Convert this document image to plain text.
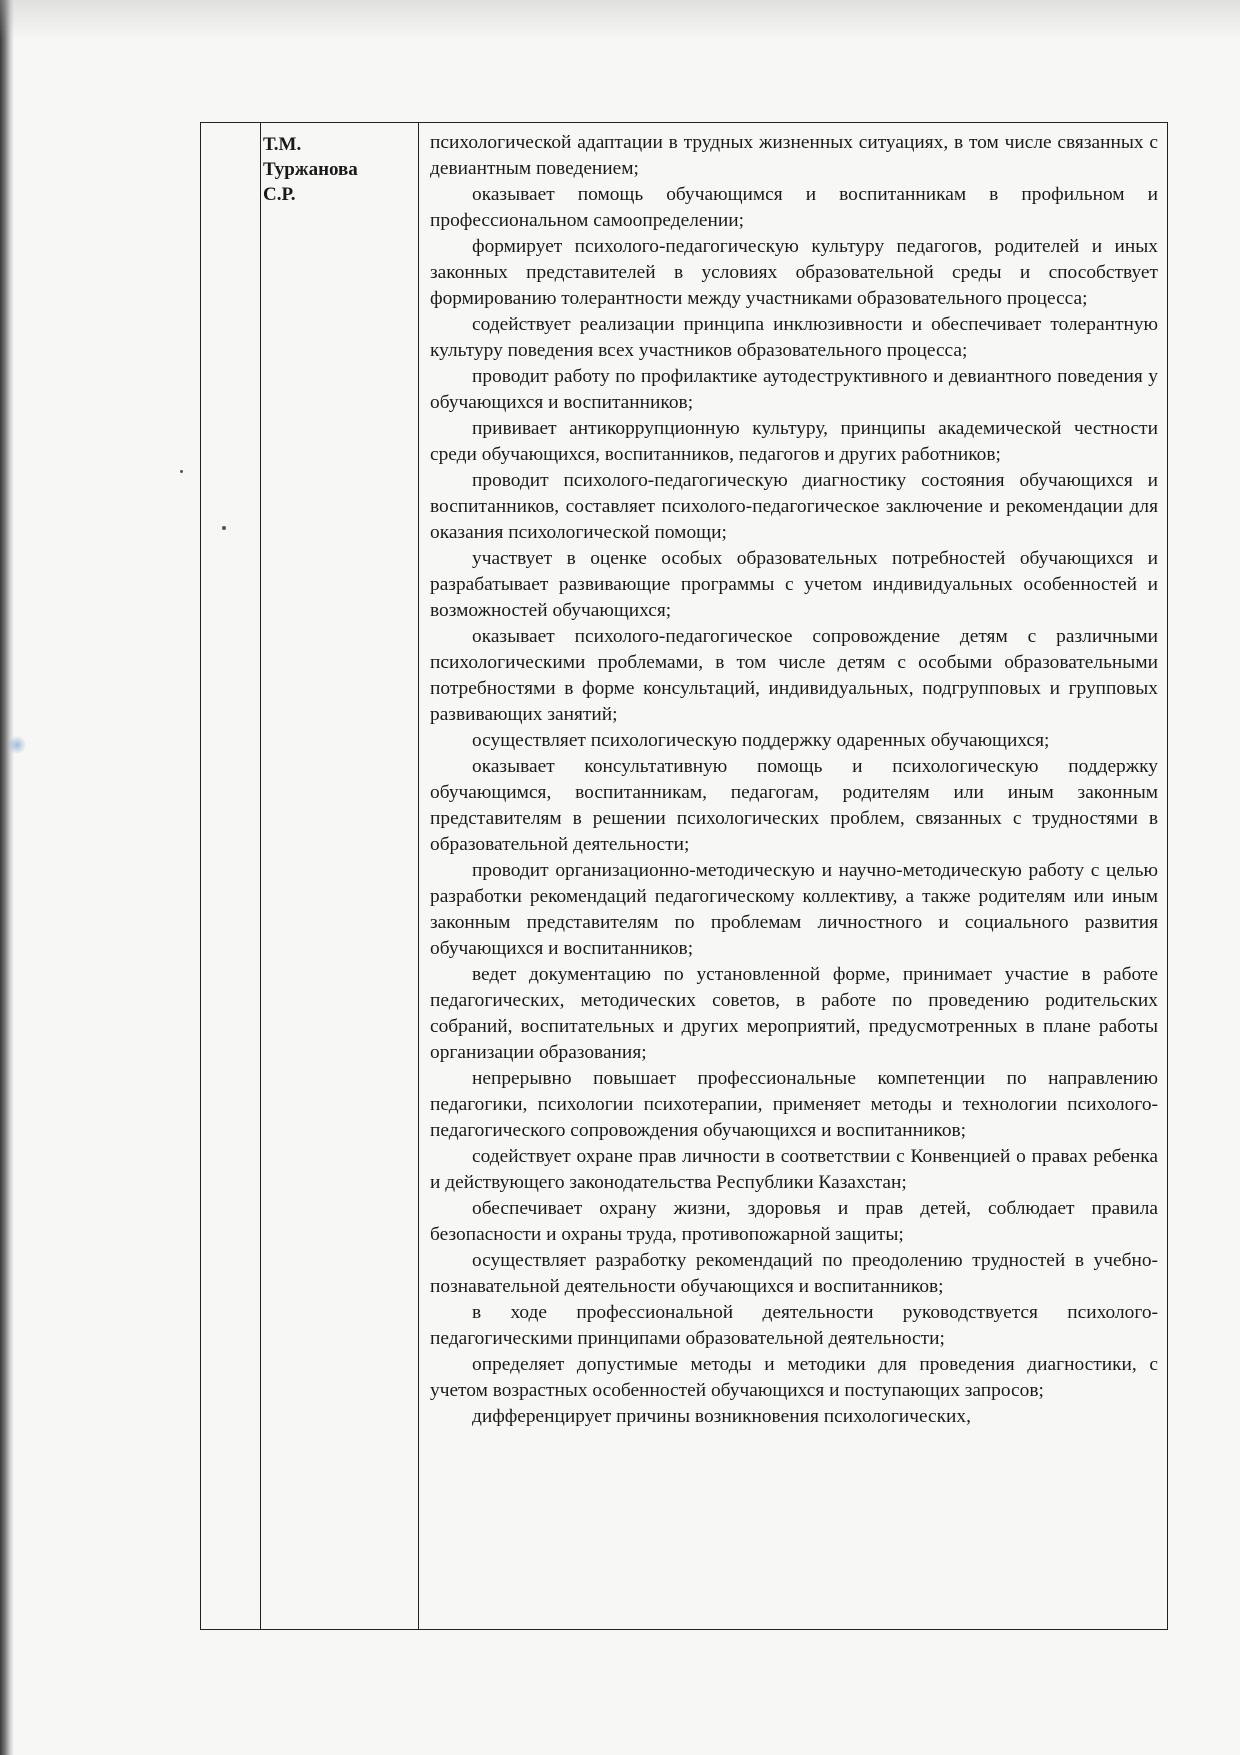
Т.М.
Туржанова
С.Р.

психологической адаптации в трудных жизненных ситуациях, в том числе связанных с девиантным поведением;

оказывает помощь обучающимся и воспитанникам в профильном и профессиональном самоопределении;

формирует психолого-педагогическую культуру педагогов, родителей и иных законных представителей в условиях образовательной среды и способствует формированию толерантности между участниками образовательного процесса;

содействует реализации принципа инклюзивности и обеспечивает толерантную культуру поведения всех участников образовательного процесса;

проводит работу по профилактике аутодеструктивного и девиантного поведения у обучающихся и воспитанников;

прививает антикоррупционную культуру, принципы академической честности среди обучающихся, воспитанников, педагогов и других работников;

проводит психолого-педагогическую диагностику состояния обучающихся и воспитанников, составляет психолого-педагогическое заключение и рекомендации для оказания психологической помощи;

участвует в оценке особых образовательных потребностей обучающихся и разрабатывает развивающие программы с учетом индивидуальных особенностей и возможностей обучающихся;

оказывает психолого-педагогическое сопровождение детям с различными психологическими проблемами, в том числе детям с особыми образовательными потребностями в форме консультаций, индивидуальных, подгрупповых и групповых развивающих занятий;

осуществляет психологическую поддержку одаренных обучающихся;

оказывает консультативную помощь и психологическую поддержку обучающимся, воспитанникам, педагогам, родителям или иным законным представителям в решении психологических проблем, связанных с трудностями в образовательной деятельности;

проводит организационно-методическую и научно-методическую работу с целью разработки рекомендаций педагогическому коллективу, а также родителям или иным законным представителям по проблемам личностного и социального развития обучающихся и воспитанников;

ведет документацию по установленной форме, принимает участие в работе педагогических, методических советов, в работе по проведению родительских собраний, воспитательных и других мероприятий, предусмотренных в плане работы организации образования;

непрерывно повышает профессиональные компетенции по направлению педагогики, психологии психотерапии, применяет методы и технологии психолого-педагогического сопровождения обучающихся и воспитанников;

содействует охране прав личности в соответствии с Конвенцией о правах ребенка и действующего законодательства Республики Казахстан;

обеспечивает охрану жизни, здоровья и прав детей, соблюдает правила безопасности и охраны труда, противопожарной защиты;

осуществляет разработку рекомендаций по преодолению трудностей в учебно-познавательной деятельности обучающихся и воспитанников;

в ходе профессиональной деятельности руководствуется психолого-педагогическими принципами образовательной деятельности;

определяет допустимые методы и методики для проведения диагностики, с учетом возрастных особенностей обучающихся и поступающих запросов;

дифференцирует причины возникновения психологических,
